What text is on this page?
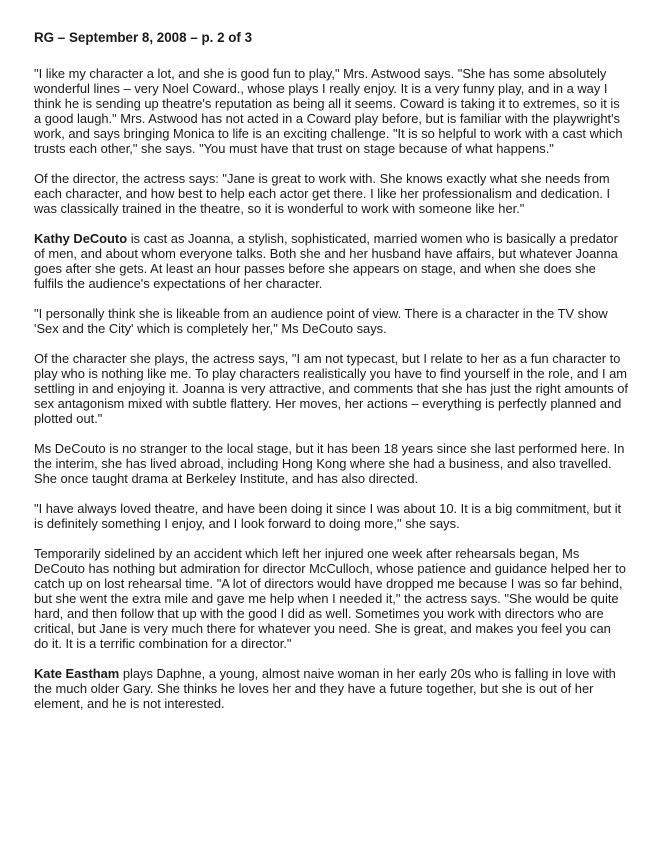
RG – September 8, 2008 – p. 2 of 3

"I like my character a lot, and she is good fun to play," Mrs. Astwood says. "She has some absolutely wonderful lines – very Noel Coward., whose plays I really enjoy. It is a very funny play, and in a way I think he is sending up theatre's reputation as being all it seems. Coward is taking it to extremes, so it is a good laugh." Mrs. Astwood has not acted in a Coward play before, but is familiar with the playwright's work, and says bringing Monica to life is an exciting challenge. "It is so helpful to work with a cast which trusts each other," she says. "You must have that trust on stage because of what happens."

Of the director, the actress says: "Jane is great to work with. She knows exactly what she needs from each character, and how best to help each actor get there. I like her professionalism and dedication. I was classically trained in the theatre, so it is wonderful to work with someone like her."

Kathy DeCouto is cast as Joanna, a stylish, sophisticated, married women who is basically a predator of men, and about whom everyone talks. Both she and her husband have affairs, but whatever Joanna goes after she gets. At least an hour passes before she appears on stage, and when she does she fulfils the audience's expectations of her character.

"I personally think she is likeable from an audience point of view. There is a character in the TV show 'Sex and the City' which is completely her," Ms DeCouto says.

Of the character she plays, the actress says, "I am not typecast, but I relate to her as a fun character to play who is nothing like me. To play characters realistically you have to find yourself in the role, and I am settling in and enjoying it. Joanna is very attractive, and comments that she has just the right amounts of sex antagonism mixed with subtle flattery. Her moves, her actions – everything is perfectly planned and plotted out."

Ms DeCouto is no stranger to the local stage, but it has been 18 years since she last performed here. In the interim, she has lived abroad, including Hong Kong where she had a business, and also travelled. She once taught drama at Berkeley Institute, and has also directed.

"I have always loved theatre, and have been doing it since I was about 10. It is a big commitment, but it is definitely something I enjoy, and I look forward to doing more," she says.

Temporarily sidelined by an accident which left her injured one week after rehearsals began, Ms DeCouto has nothing but admiration for director McCulloch, whose patience and guidance helped her to catch up on lost rehearsal time. "A lot of directors would have dropped me because I was so far behind, but she went the extra mile and gave me help when I needed it," the actress says. "She would be quite hard, and then follow that up with the good I did as well. Sometimes you work with directors who are critical, but Jane is very much there for whatever you need. She is great, and makes you feel you can do it. It is a terrific combination for a director."

Kate Eastham plays Daphne, a young, almost naive woman in her early 20s who is falling in love with the much older Gary. She thinks he loves her and they have a future together, but she is out of her element, and he is not interested.
